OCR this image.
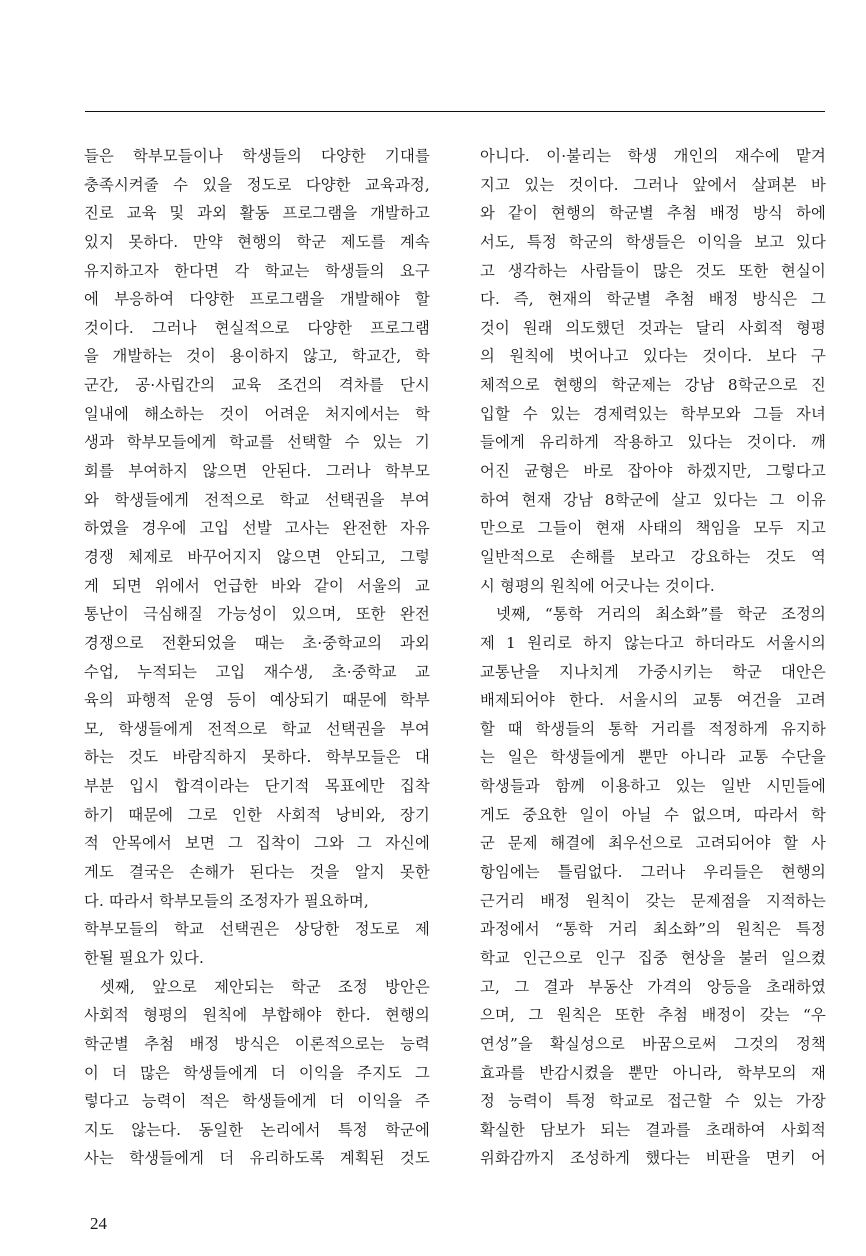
들은 학부모들이나 학생들의 다양한 기대를
충족시켜줄 수 있을 정도로 다양한 교육과정,
진로 교육 및 과외 활동 프로그램을 개발하고
있지 못하다. 만약 현행의 학군 제도를 계속
유지하고자 한다면 각 학교는 학생들의 요구
에 부응하여 다양한 프로그램을 개발해야 할
것이다. 그러나 현실적으로 다양한 프로그램
을 개발하는 것이 용이하지 않고, 학교간, 학
군간, 공·사립간의 교육 조건의 격차를 단시
일내에 해소하는 것이 어려운 처지에서는 학
생과 학부모들에게 학교를 선택할 수 있는 기
회를 부여하지 않으면 안된다. 그러나 학부모
와 학생들에게 전적으로 학교 선택권을 부여
하였을 경우에 고입 선발 고사는 완전한 자유
경쟁 체제로 바꾸어지지 않으면 안되고, 그렇
게 되면 위에서 언급한 바와 같이 서울의 교
통난이 극심해질 가능성이 있으며, 또한 완전
경쟁으로 전환되었을 때는 초·중학교의 과외
수업, 누적되는 고입 재수생, 초·중학교 교
육의 파행적 운영 등이 예상되기 때문에 학부
모, 학생들에게 전적으로 학교 선택권을 부여
하는 것도 바람직하지 못하다. 학부모들은 대
부분 입시 합격이라는 단기적 목표에만 집착
하기 때문에 그로 인한 사회적 낭비와, 장기
적 안목에서 보면 그 집착이 그와 그 자신에
게도 결국은 손해가 된다는 것을 알지 못한
다. 따라서 학부모들의 조정자가 필요하며,
학부모들의 학교 선택권은 상당한 정도로 제
한될 필요가 있다.
셋째, 앞으로 제안되는 학군 조정 방안은
사회적 형평의 원칙에 부합해야 한다. 현행의
학군별 추첨 배정 방식은 이론적으로는 능력
이 더 많은 학생들에게 더 이익을 주지도 그
렇다고 능력이 적은 학생들에게 더 이익을 주
지도 않는다. 동일한 논리에서 특정 학군에
사는 학생들에게 더 유리하도록 계획된 것도
아니다. 이·불리는 학생 개인의 재수에 맡겨
지고 있는 것이다. 그러나 앞에서 살펴본 바
와 같이 현행의 학군별 추첨 배정 방식 하에
서도, 특정 학군의 학생들은 이익을 보고 있다
고 생각하는 사람들이 많은 것도 또한 현실이
다. 즉, 현재의 학군별 추첨 배정 방식은 그
것이 원래 의도했던 것과는 달리 사회적 형평
의 원칙에 벗어나고 있다는 것이다. 보다 구
체적으로 현행의 학군제는 강남 8학군으로 진
입할 수 있는 경제력있는 학부모와 그들 자녀
들에게 유리하게 작용하고 있다는 것이다. 깨
어진 균형은 바로 잡아야 하겠지만, 그렇다고
하여 현재 강남 8학군에 살고 있다는 그 이유
만으로 그들이 현재 사태의 책임을 모두 지고
일반적으로 손해를 보라고 강요하는 것도 역
시 형평의 원칙에 어긋나는 것이다.
넷째, “통학 거리의 최소화”를 학군 조정의
제 1 원리로 하지 않는다고 하더라도 서울시의
교통난을 지나치게 가중시키는 학군 대안은
배제되어야 한다. 서울시의 교통 여건을 고려
할 때 학생들의 통학 거리를 적정하게 유지하
는 일은 학생들에게 뿐만 아니라 교통 수단을
학생들과 함께 이용하고 있는 일반 시민들에
게도 중요한 일이 아닐 수 없으며, 따라서 학
군 문제 해결에 최우선으로 고려되어야 할 사
항임에는 틀림없다. 그러나 우리들은 현행의
근거리 배정 원칙이 갖는 문제점을 지적하는
과정에서 “통학 거리 최소화”의 원칙은 특정
학교 인근으로 인구 집중 현상을 불러 일으켰
고, 그 결과 부동산 가격의 앙등을 초래하였
으며, 그 원칙은 또한 추첨 배정이 갖는 “우
연성”을 확실성으로 바꿈으로써 그것의 정책
효과를 반감시켰을 뿐만 아니라, 학부모의 재
정 능력이 특정 학교로 접근할 수 있는 가장
확실한 담보가 되는 결과를 초래하여 사회적
위화감까지 조성하게 했다는 비판을 면키 어
24
